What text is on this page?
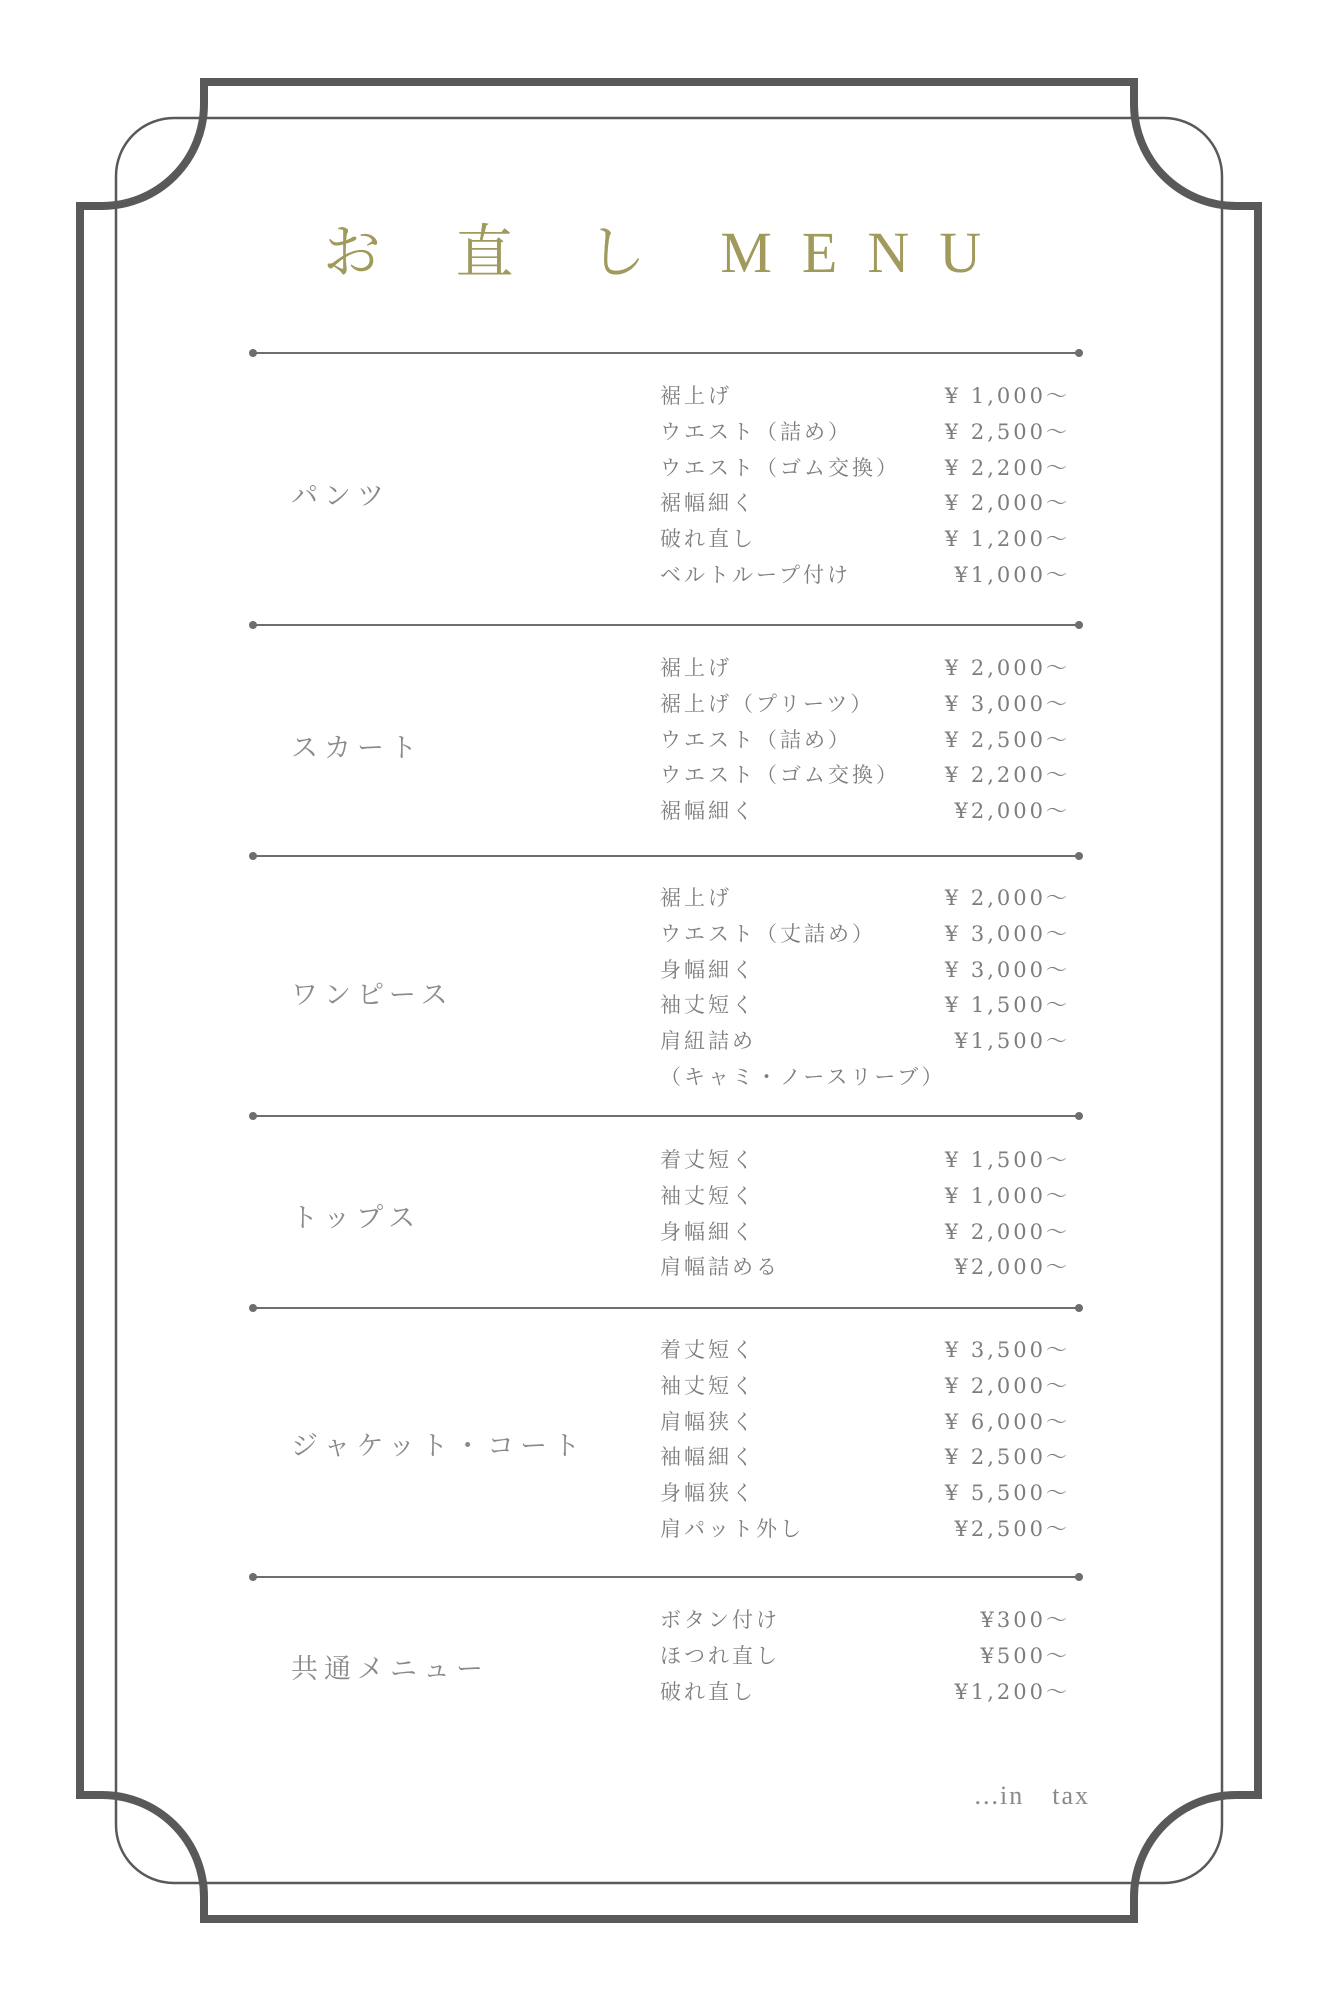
お 直 し MENU
パンツ
裾上げ	¥ 1,000～
ウエスト（詰め）	¥ 2,500～
ウエスト（ゴム交換） ¥ 2,200～
裾幅細く	¥ 2,000～
破れ直し	¥ 1,200～
ベルトループ付け	¥1,000～
スカート
裾上げ	¥ 2,000～
裾上げ（プリーツ）	¥ 3,000～
ウエスト（詰め）	¥ 2,500～
ウエスト（ゴム交換） ¥ 2,200～
裾幅細く	¥2,000～
ワンピース
裾上げ	¥ 2,000～
ウエスト（丈詰め）	¥ 3,000～
身幅細く	¥ 3,000～
袖丈短く	¥ 1,500～
肩紐詰め	¥1,500～
（キャミ・ノースリーブ）
トップス
着丈短く	¥ 1,500～
袖丈短く	¥ 1,000～
身幅細く	¥ 2,000～
肩幅詰める	¥2,000～
ジャケット・コート
着丈短く	¥ 3,500～
袖丈短く	¥ 2,000～
肩幅狭く	¥ 6,000～
袖幅細く	¥ 2,500～
身幅狭く	¥ 5,500～
肩パット外し	¥2,500～
共通メニュー
ボタン付け	¥300～
ほつれ直し	¥500～
破れ直し	¥1,200～
...in　tax
